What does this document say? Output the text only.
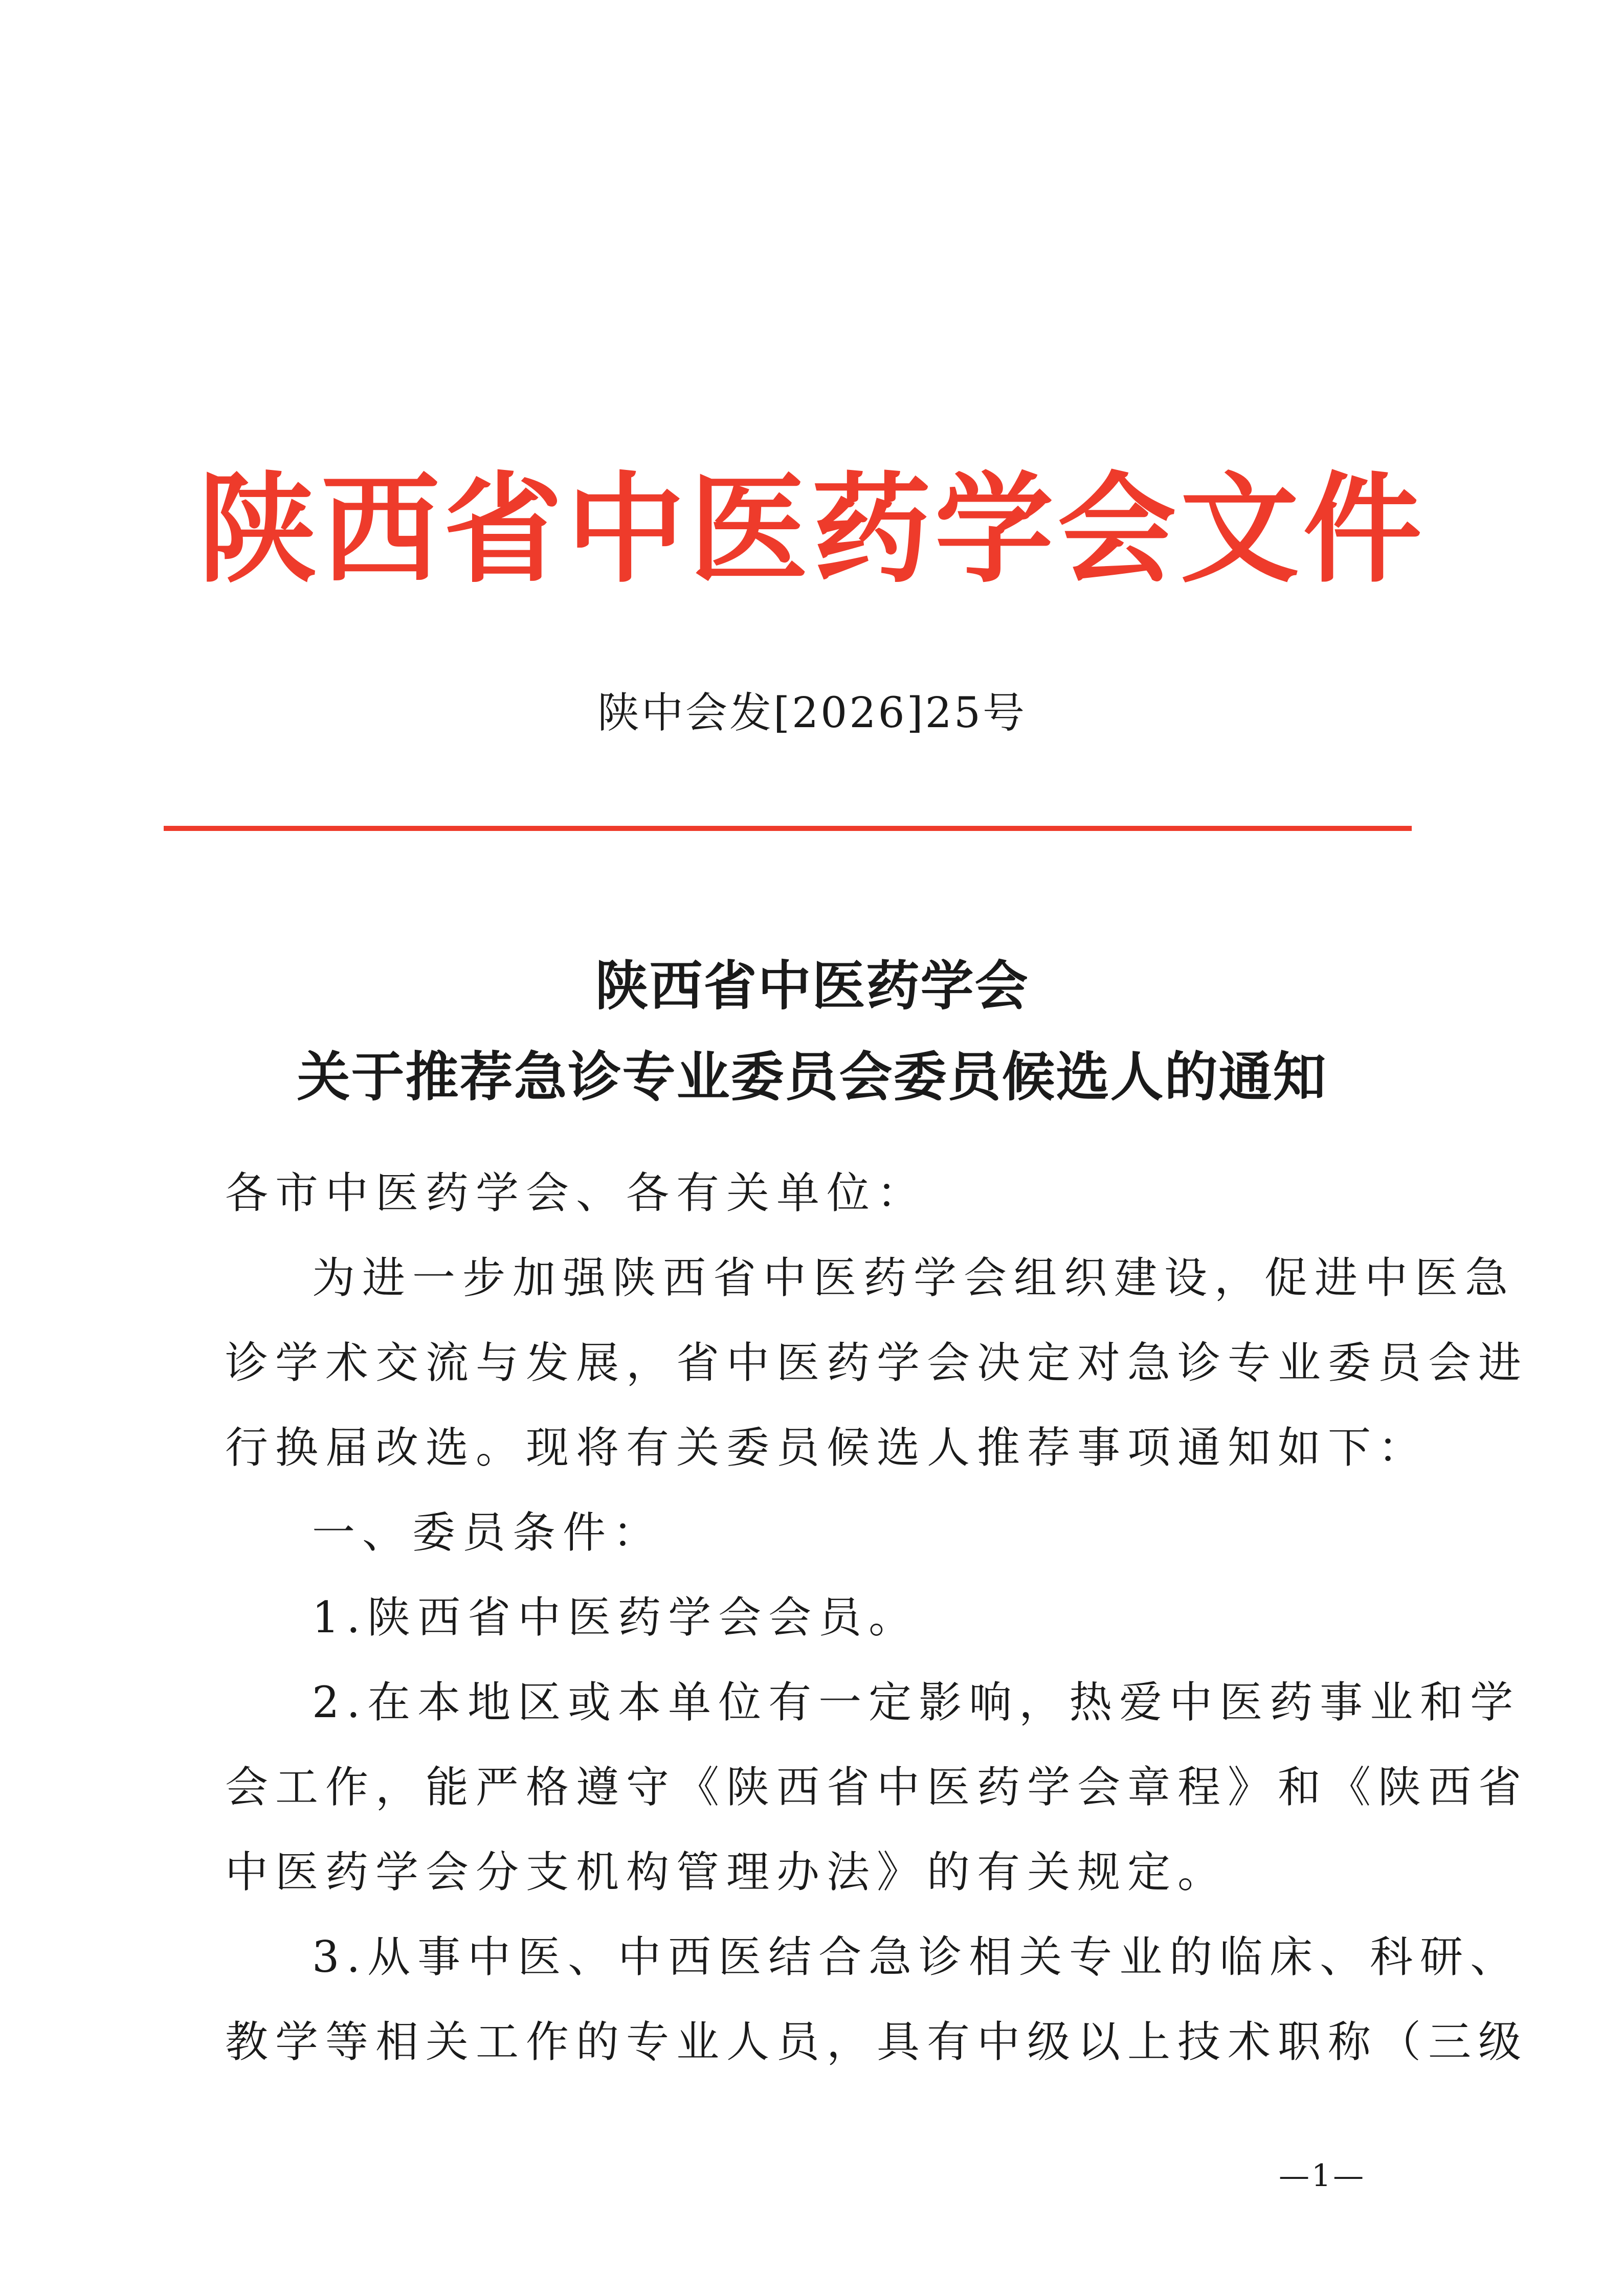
陕西省中医药学会文件
陕中会发[2026]25号
陕西省中医药学会
关于推荐急诊专业委员会委员候选人的通知
各市中医药学会、各有关单位：
为进一步加强陕西省中医药学会组织建设，促进中医急
诊学术交流与发展，省中医药学会决定对急诊专业委员会进
行换届改选。现将有关委员候选人推荐事项通知如下：
一、委员条件：
1.陕西省中医药学会会员。
2.在本地区或本单位有一定影响，热爱中医药事业和学
会工作，能严格遵守《陕西省中医药学会章程》和《陕西省
中医药学会分支机构管理办法》的有关规定。
3.从事中医、中西医结合急诊相关专业的临床、科研、
教学等相关工作的专业人员，具有中级以上技术职称（三级
—1—
